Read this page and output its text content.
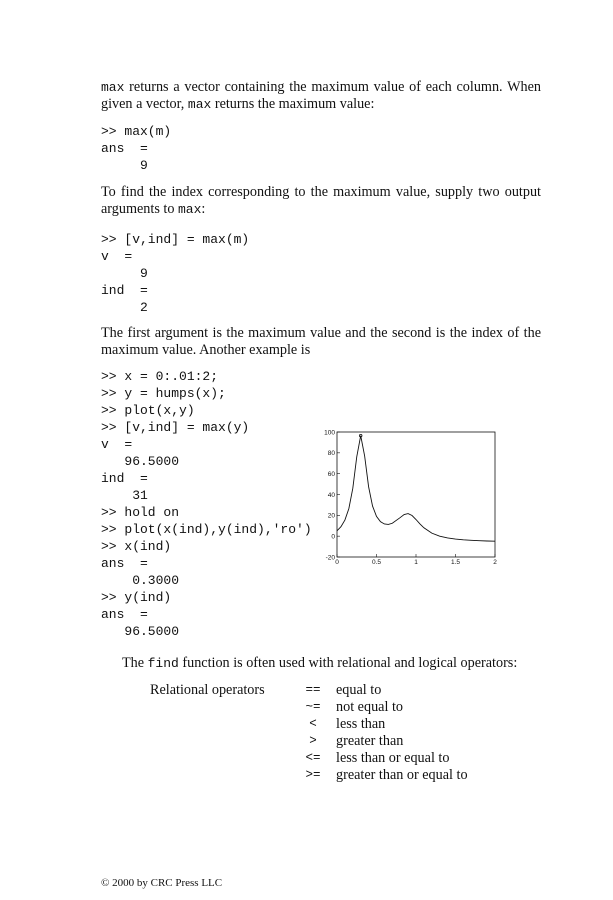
max returns a vector containing the maximum value of each column. When given a vector, max returns the maximum value:
>> max(m)
ans  =
9
To find the index corresponding to the maximum value, supply two output arguments to max:
>> [v,ind] = max(m)
v  =
9
ind  =
2
The first argument is the maximum value and the second is the index of the maximum value. Another example is
>> x = 0:.01:2;
>> y = humps(x);
>> plot(x,y)
>> [v,ind] = max(y)
v  =
96.5000
ind  =
31
>> hold on
>> plot(x(ind),y(ind),'ro')
>> x(ind)
ans  =
0.3000
>> y(ind)
ans  =
96.5000
0	0.5	1	1.5	2
-20
0
20
40
60
80
100
The find function is often used with relational and logical operators:
Relational operators	==	equal to
~=	not equal to
<	less than
>	greater than
<=	less than or equal to
>=	greater than or equal to
© 2000 by CRC Press LLC
